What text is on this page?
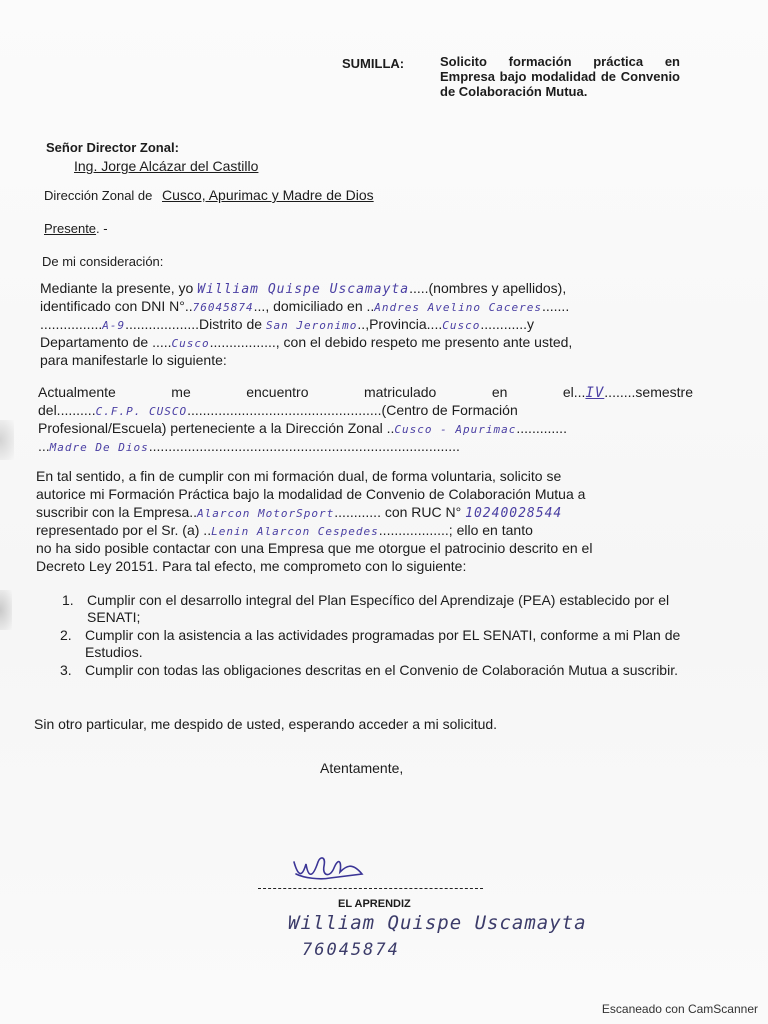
SUMILLA:	Solicito formación práctica en Empresa bajo modalidad de Convenio de Colaboración Mutua.
Señor Director Zonal:
Ing. Jorge Alcázar del Castillo
Dirección Zonal de Cusco, Apurimac y Madre de Dios
Presente. -
De mi consideración:
Mediante la presente, yo William Quispe Uscamayta.....(nombres y apellidos),
identificado con DNI N°..76045874..., domiciliado en ..Andres Avelino Caceres.......
................A-9...................Distrito de San Jeronimo..,Provincia....Cusco............y
Departamento de .....Cusco................., con el debido respeto me presento ante usted,
para manifestarle lo siguiente:
Actualmente	me	encuentro	matriculado	en	el...IV........semestre
del..........C.F.P. CUSCO..................................................(Centro de Formación
Profesional/Escuela) perteneciente a la Dirección Zonal ..Cusco - Apurimac.............
...Madre De Dios................................................................................
En tal sentido, a fin de cumplir con mi formación dual, de forma voluntaria, solicito se
autorice mi Formación Práctica bajo la modalidad de Convenio de Colaboración Mutua a
suscribir con la Empresa..Alarcon MotorSport............ con RUC N° 10240028544
representado por el Sr. (a) ..Lenin Alarcon Cespedes..................; ello en tanto
no ha sido posible contactar con una Empresa que me otorgue el patrocinio descrito en el
Decreto Ley 20151. Para tal efecto, me comprometo con lo siguiente:
1. Cumplir con el desarrollo integral del Plan Específico del Aprendizaje (PEA) establecido por el SENATI;
2. Cumplir con la asistencia a las actividades programadas por EL SENATI, conforme a mi Plan de Estudios.
3. Cumplir con todas las obligaciones descritas en el Convenio de Colaboración Mutua a suscribir.
Sin otro particular, me despido de usted, esperando acceder a mi solicitud.
Atentamente,
EL APRENDIZ
William Quispe Uscamayta
76045874
Escaneado con CamScanner
